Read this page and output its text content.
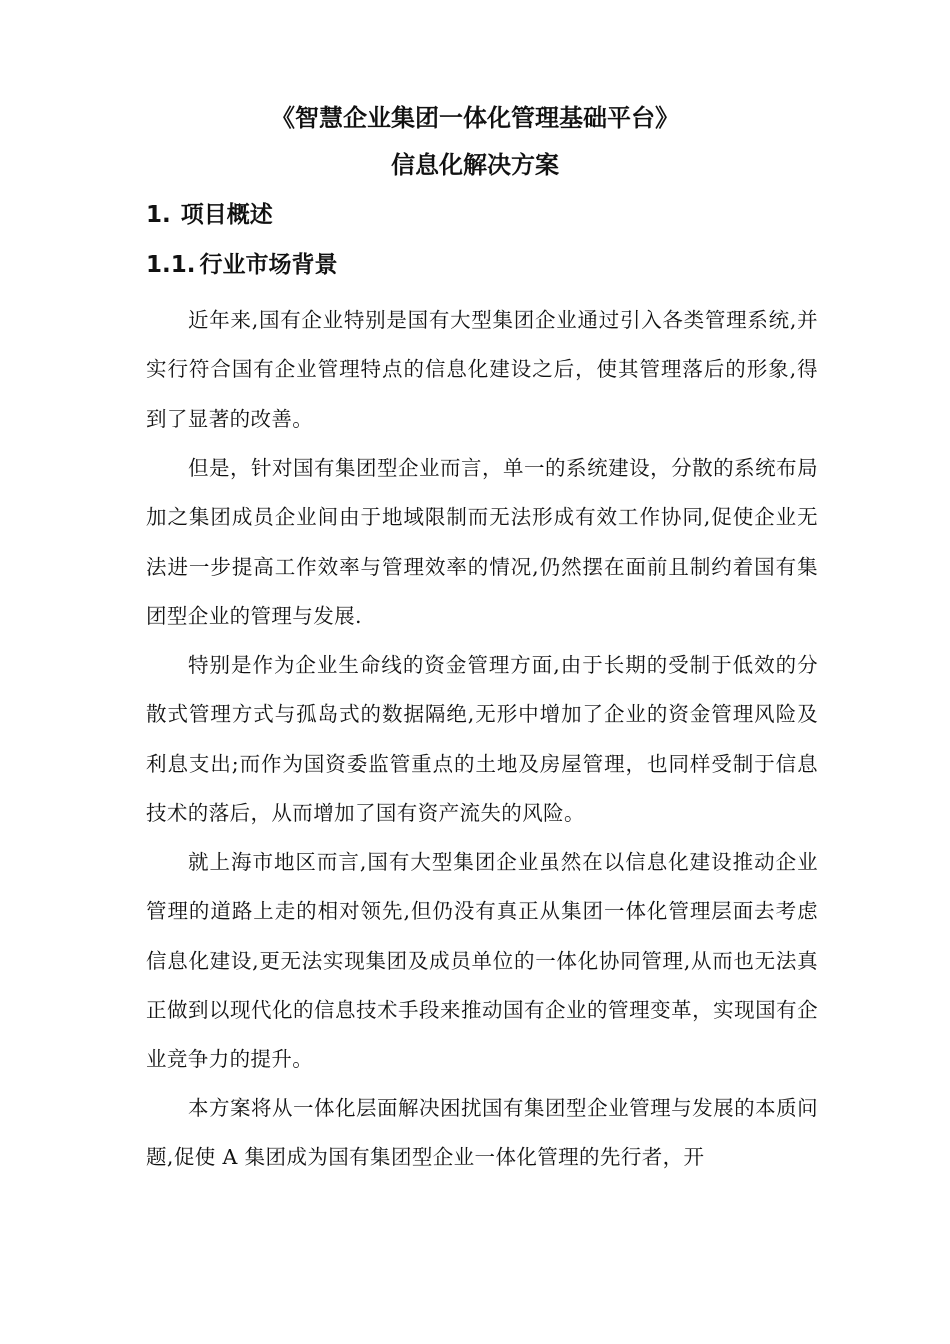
《智慧企业集团一体化管理基础平台》
信息化解决方案
1. 项目概述
1.1. 行业市场背景

近年来,国有企业特别是国有大型集团企业通过引入各类管理系统,并实行符合国有企业管理特点的信息化建设之后，使其管理落后的形象,得到了显著的改善。

但是，针对国有集团型企业而言，单一的系统建设，分散的系统布局加之集团成员企业间由于地域限制而无法形成有效工作协同,促使企业无法进一步提高工作效率与管理效率的情况,仍然摆在面前且制约着国有集团型企业的管理与发展.

特别是作为企业生命线的资金管理方面,由于长期的受制于低效的分散式管理方式与孤岛式的数据隔绝,无形中增加了企业的资金管理风险及利息支出;而作为国资委监管重点的土地及房屋管理，也同样受制于信息技术的落后，从而增加了国有资产流失的风险。

就上海市地区而言,国有大型集团企业虽然在以信息化建设推动企业管理的道路上走的相对领先,但仍没有真正从集团一体化管理层面去考虑信息化建设,更无法实现集团及成员单位的一体化协同管理,从而也无法真正做到以现代化的信息技术手段来推动国有企业的管理变革，实现国有企业竞争力的提升。

本方案将从一体化层面解决困扰国有集团型企业管理与发展的本质问题,促使 A 集团成为国有集团型企业一体化管理的先行者，开
